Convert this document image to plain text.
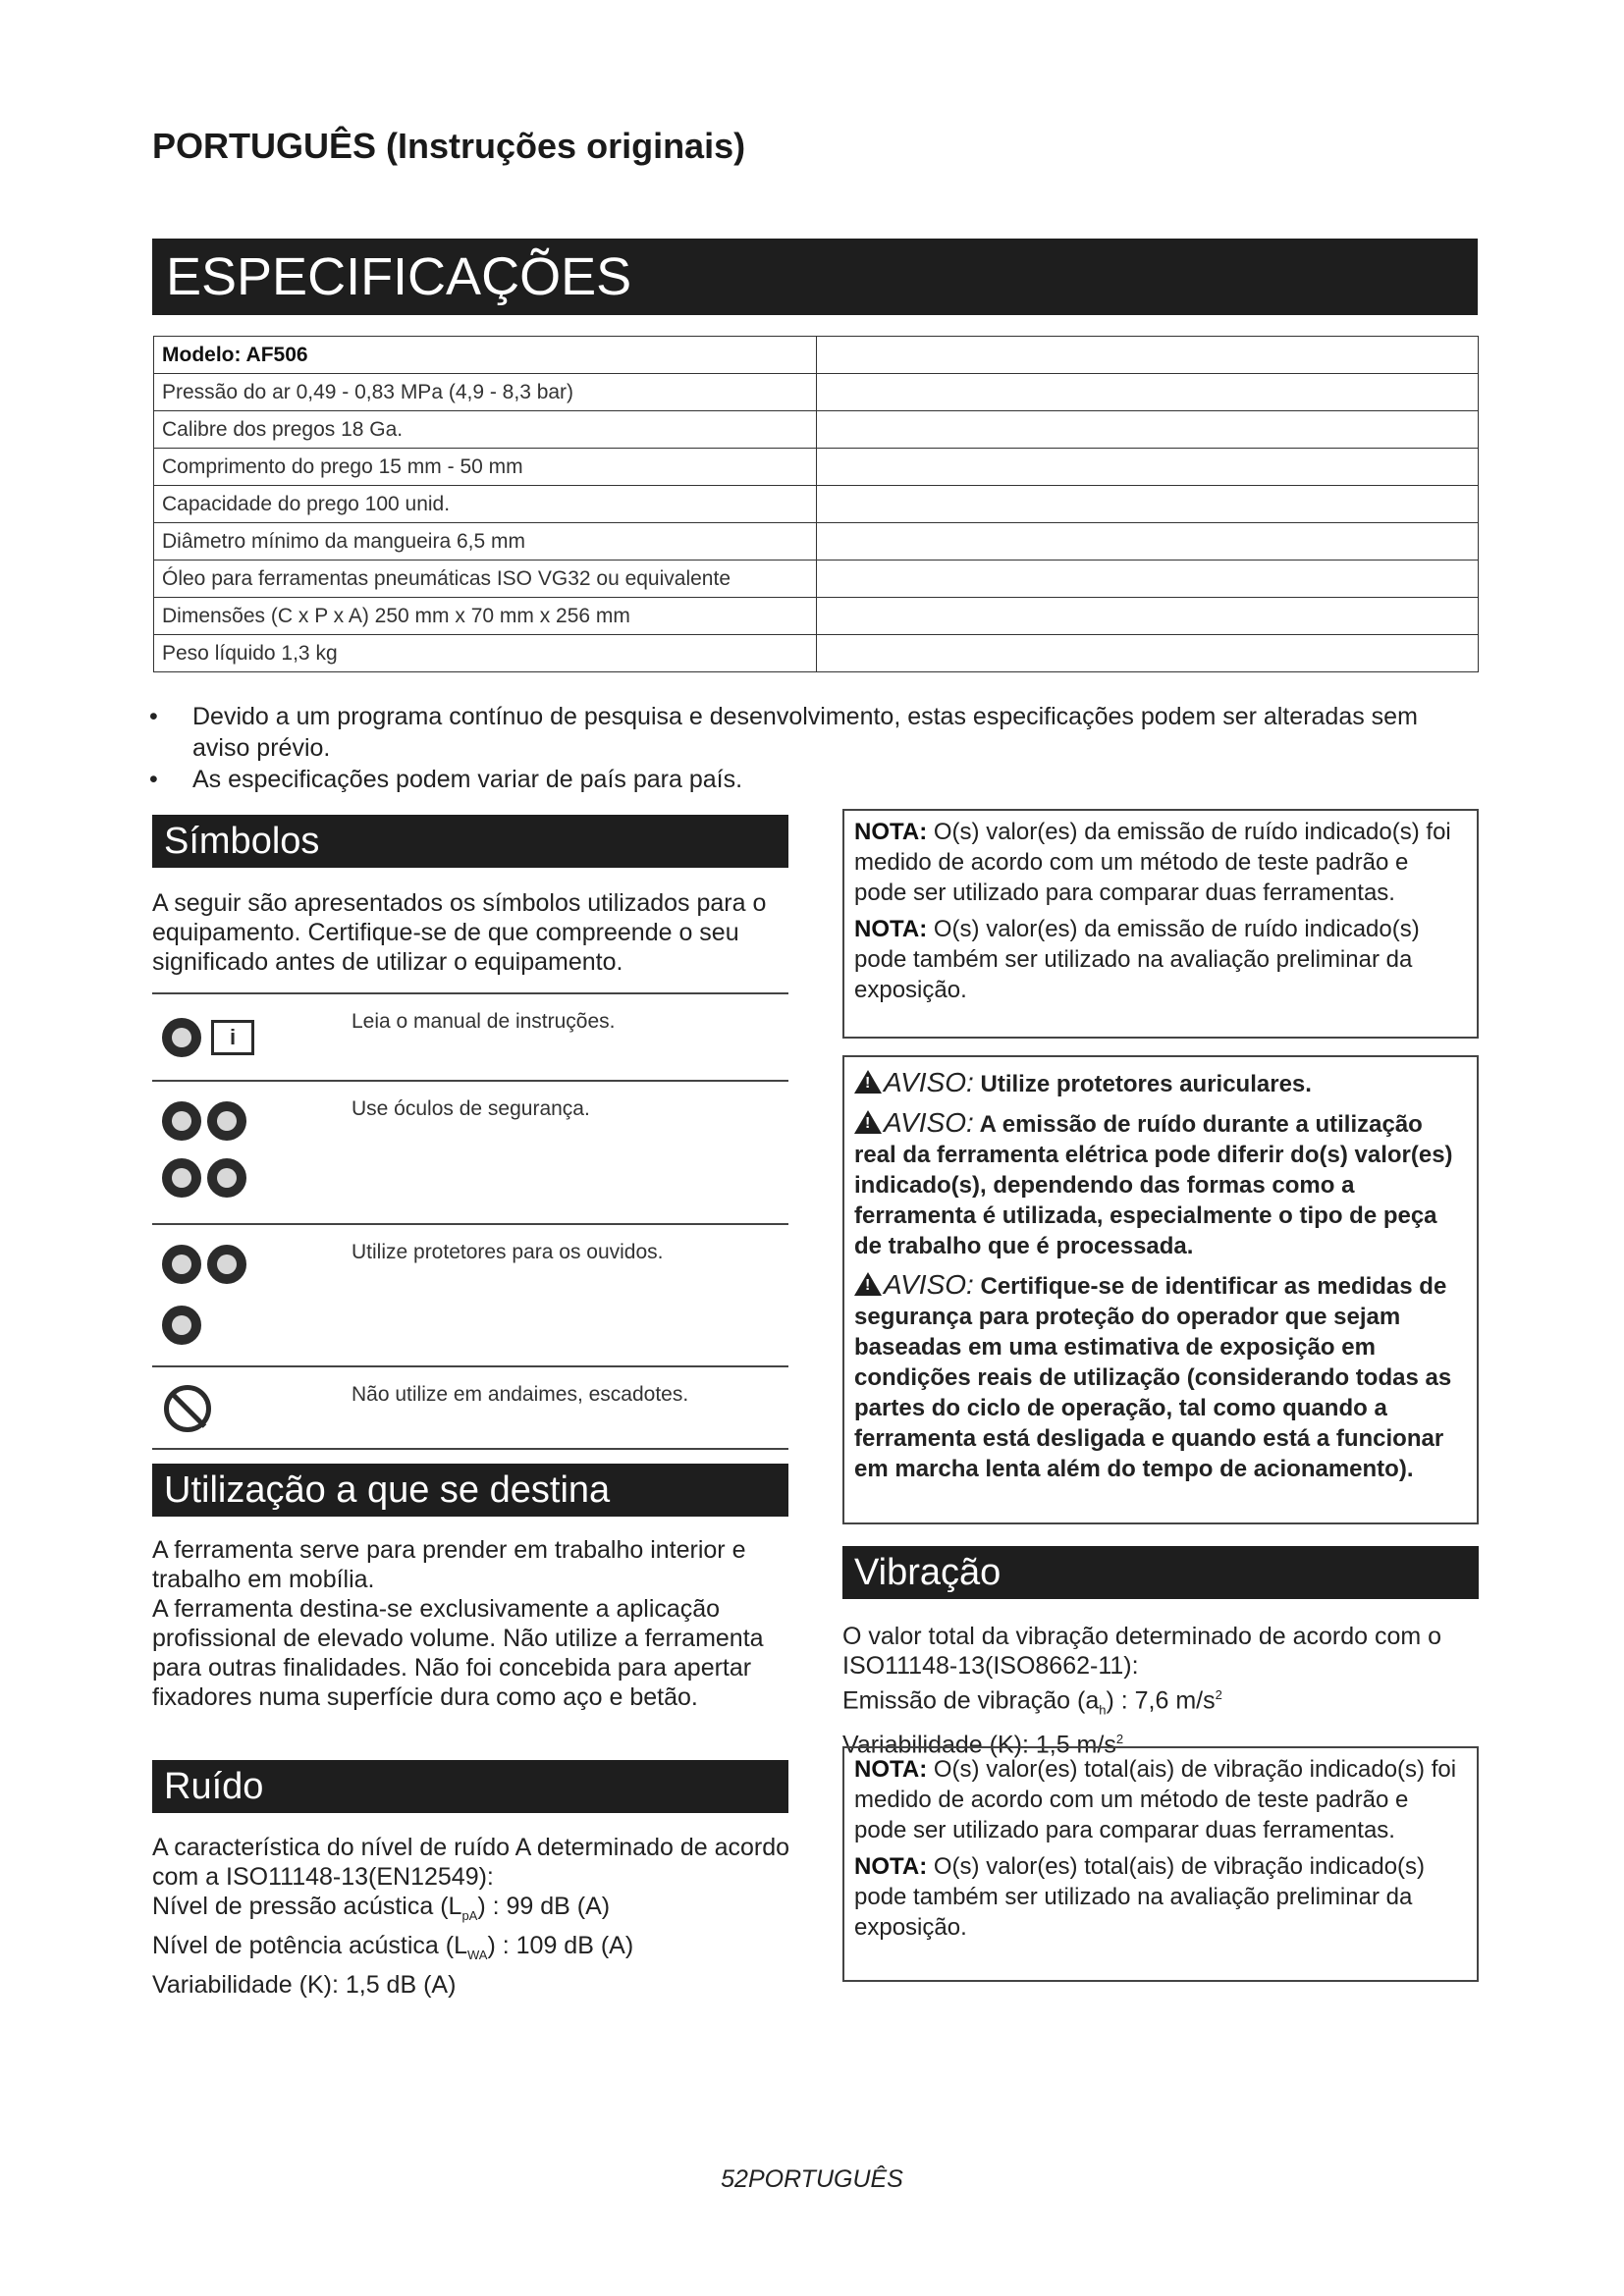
PORTUGUÊS (Instruções originais)
ESPECIFICAÇÕES
Modelo: AF506	
Pressão do ar 0,49 - 0,83 MPa (4,9 - 8,3 bar)	
Calibre dos pregos 18 Ga.	
Comprimento do prego 15 mm - 50 mm	
Capacidade do prego 100 unid.	
Diâmetro mínimo da mangueira 6,5 mm	
Óleo para ferramentas pneumáticas ISO VG32 ou equivalente	
Dimensões (C x P x A) 250 mm x 70 mm x 256 mm	
Peso líquido 1,3 kg	
•	Devido a um programa contínuo de pesquisa e desenvolvimento, estas especificações podem ser alteradas sem aviso prévio.
•	As especificações podem variar de país para país.
Símbolos
A seguir são apresentados os símbolos utilizados para o equipamento. Certifique-se de que compreende o seu significado antes de utilizar o equipamento.
i
Leia o manual de instruções.
Use óculos de segurança.
Utilize protetores para os ouvidos.
Não utilize em andaimes, escadotes.
Utilização a que se destina

A ferramenta serve para prender em trabalho interior e trabalho em mobília.

A ferramenta destina-se exclusivamente a aplicação profissional de elevado volume. Não utilize a ferramenta para outras finalidades. Não foi concebida para apertar fixadores numa superfície dura como aço e betão.

Ruído

A característica do nível de ruído A determinado de acordo com a ISO11148-13(EN12549):

Nível de pressão acústica $(L_{pA})$ : 99 dB (A)

Nível de potência acústica $(L_{WA})$ : 109 dB (A)

Variabilidade (K): 1,5 dB (A)

NOTA: O(s) valor(es) da emissão de ruído indicado(s) foi medido de acordo com um método de teste padrão e pode ser utilizado para comparar duas ferramentas.

NOTA: O(s) valor(es) da emissão de ruído indicado(s) pode também ser utilizado na avaliação preliminar da exposição.

!AVISO: Utilize protetores auriculares.
!AVISO: A emissão de ruído durante a utilização real da ferramenta elétrica pode diferir do(s) valor(es) indicado(s), dependendo das formas como a ferramenta é utilizada, especialmente o tipo de peça de trabalho que é processada.
!AVISO: Certifique-se de identificar as medidas de segurança para proteção do operador que sejam baseadas em uma estimativa de exposição em condições reais de utilização (considerando todas as partes do ciclo de operação, tal como quando a ferramenta está desligada e quando está a funcionar em marcha lenta além do tempo de acionamento).
Vibração

O valor total da vibração determinado de acordo com o ISO11148-13(ISO8662-11):

Emissão de vibração $(a_h)$ : 7,6 $m/s^2$

Variabilidade (K): 1,5 $m/s^2$

NOTA: O(s) valor(es) total(ais) de vibração indicado(s) foi medido de acordo com um método de teste padrão e pode ser utilizado para comparar duas ferramentas.

NOTA: O(s) valor(es) total(ais) de vibração indicado(s) pode também ser utilizado na avaliação preliminar da exposição.

52PORTUGUÊS
